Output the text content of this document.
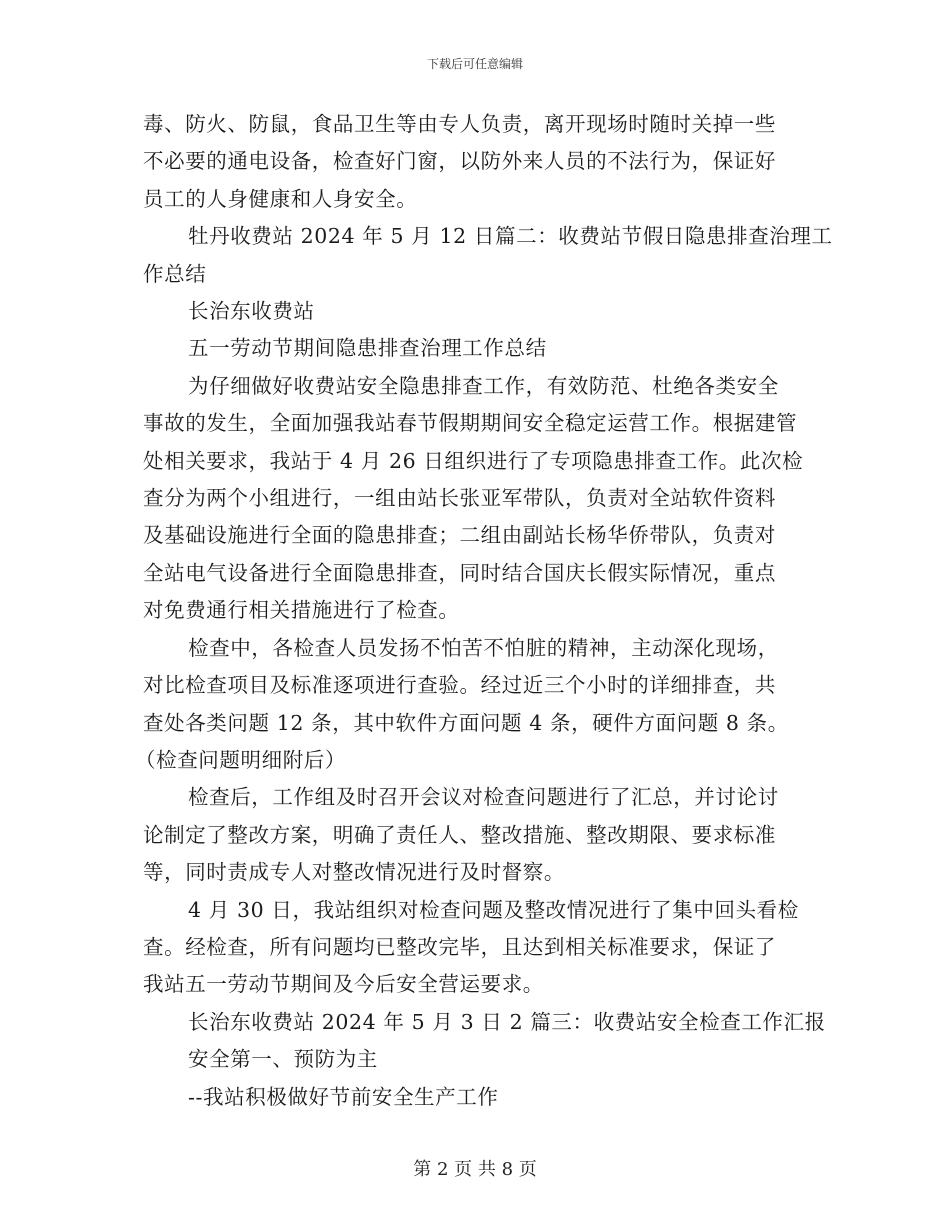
下载后可任意编辑
毒、防火、防鼠，食品卫生等由专人负责，离开现场时随时关掉一些
不必要的通电设备，检查好门窗，以防外来人员的不法行为，保证好
员工的人身健康和人身安全。
牡丹收费站 2024 年 5 月 12 日篇二：收费站节假日隐患排查治理工
作总结
长治东收费站
五一劳动节期间隐患排查治理工作总结
为仔细做好收费站安全隐患排查工作，有效防范、杜绝各类安全
事故的发生，全面加强我站春节假期期间安全稳定运营工作。根据建管
处相关要求，我站于 4 月 26 日组织进行了专项隐患排查工作。此次检
查分为两个小组进行，一组由站长张亚军带队，负责对全站软件资料
及基础设施进行全面的隐患排查；二组由副站长杨华侨带队，负责对
全站电气设备进行全面隐患排查，同时结合国庆长假实际情况，重点
对免费通行相关措施进行了检查。
检查中，各检查人员发扬不怕苦不怕脏的精神，主动深化现场，
对比检查项目及标准逐项进行查验。经过近三个小时的详细排查，共
查处各类问题 12 条，其中软件方面问题 4 条，硬件方面问题 8 条。
（检查问题明细附后）
检查后，工作组及时召开会议对检查问题进行了汇总，并讨论讨
论制定了整改方案，明确了责任人、整改措施、整改期限、要求标准
等，同时责成专人对整改情况进行及时督察。
4 月 30 日，我站组织对检查问题及整改情况进行了集中回头看检
查。经检查，所有问题均已整改完毕，且达到相关标准要求，保证了
我站五一劳动节期间及今后安全营运要求。
长治东收费站 2024 年 5 月 3 日 2 篇三：收费站安全检查工作汇报
安全第一、预防为主
--我站积极做好节前安全生产工作
第 2 页 共 8 页
